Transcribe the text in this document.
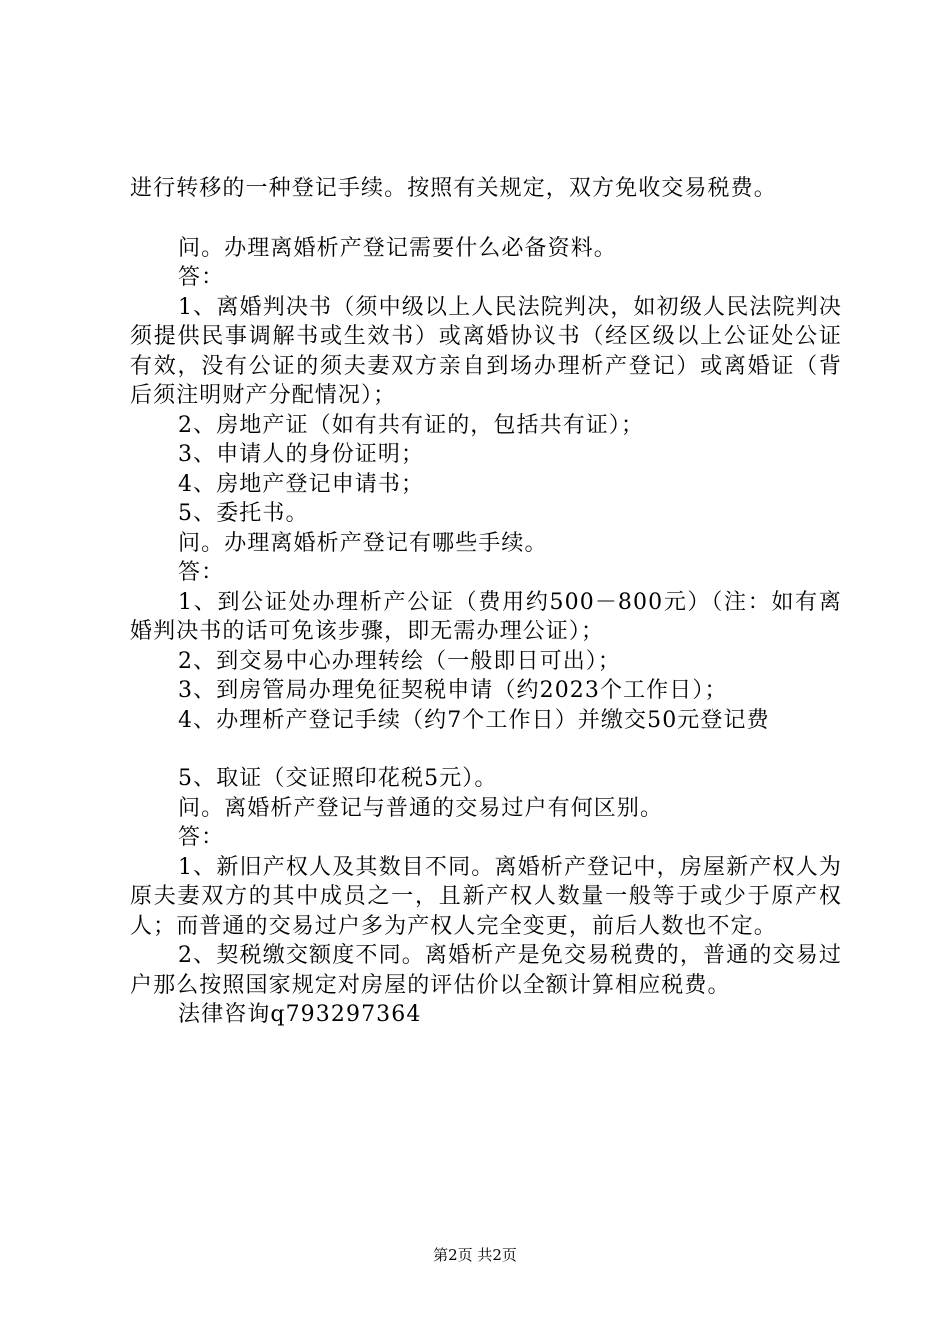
进行转移的一种登记手续。按照有关规定，双方免收交易税费。

问。办理离婚析产登记需要什么必备资料。

答：

1、离婚判决书（须中级以上人民法院判决，如初级人民法院判决须提供民事调解书或生效书）或离婚协议书（经区级以上公证处公证有效，没有公证的须夫妻双方亲自到场办理析产登记）或离婚证（背后须注明财产分配情况）；

2、房地产证（如有共有证的，包括共有证）；

3、申请人的身份证明；

4、房地产登记申请书；

5、委托书。

问。办理离婚析产登记有哪些手续。

答：

1、到公证处办理析产公证（费用约500－800元）（注：如有离婚判决书的话可免该步骤，即无需办理公证）；

2、到交易中心办理转绘（一般即日可出）；

3、到房管局办理免征契税申请（约2023个工作日）；

4、办理析产登记手续（约7个工作日）并缴交50元登记费

5、取证（交证照印花税5元）。

问。离婚析产登记与普通的交易过户有何区别。

答：

1、新旧产权人及其数目不同。离婚析产登记中，房屋新产权人为原夫妻双方的其中成员之一，且新产权人数量一般等于或少于原产权人；而普通的交易过户多为产权人完全变更，前后人数也不定。

2、契税缴交额度不同。离婚析产是免交易税费的，普通的交易过户那么按照国家规定对房屋的评估价以全额计算相应税费。

法律咨询q793297364

第2页 共2页
